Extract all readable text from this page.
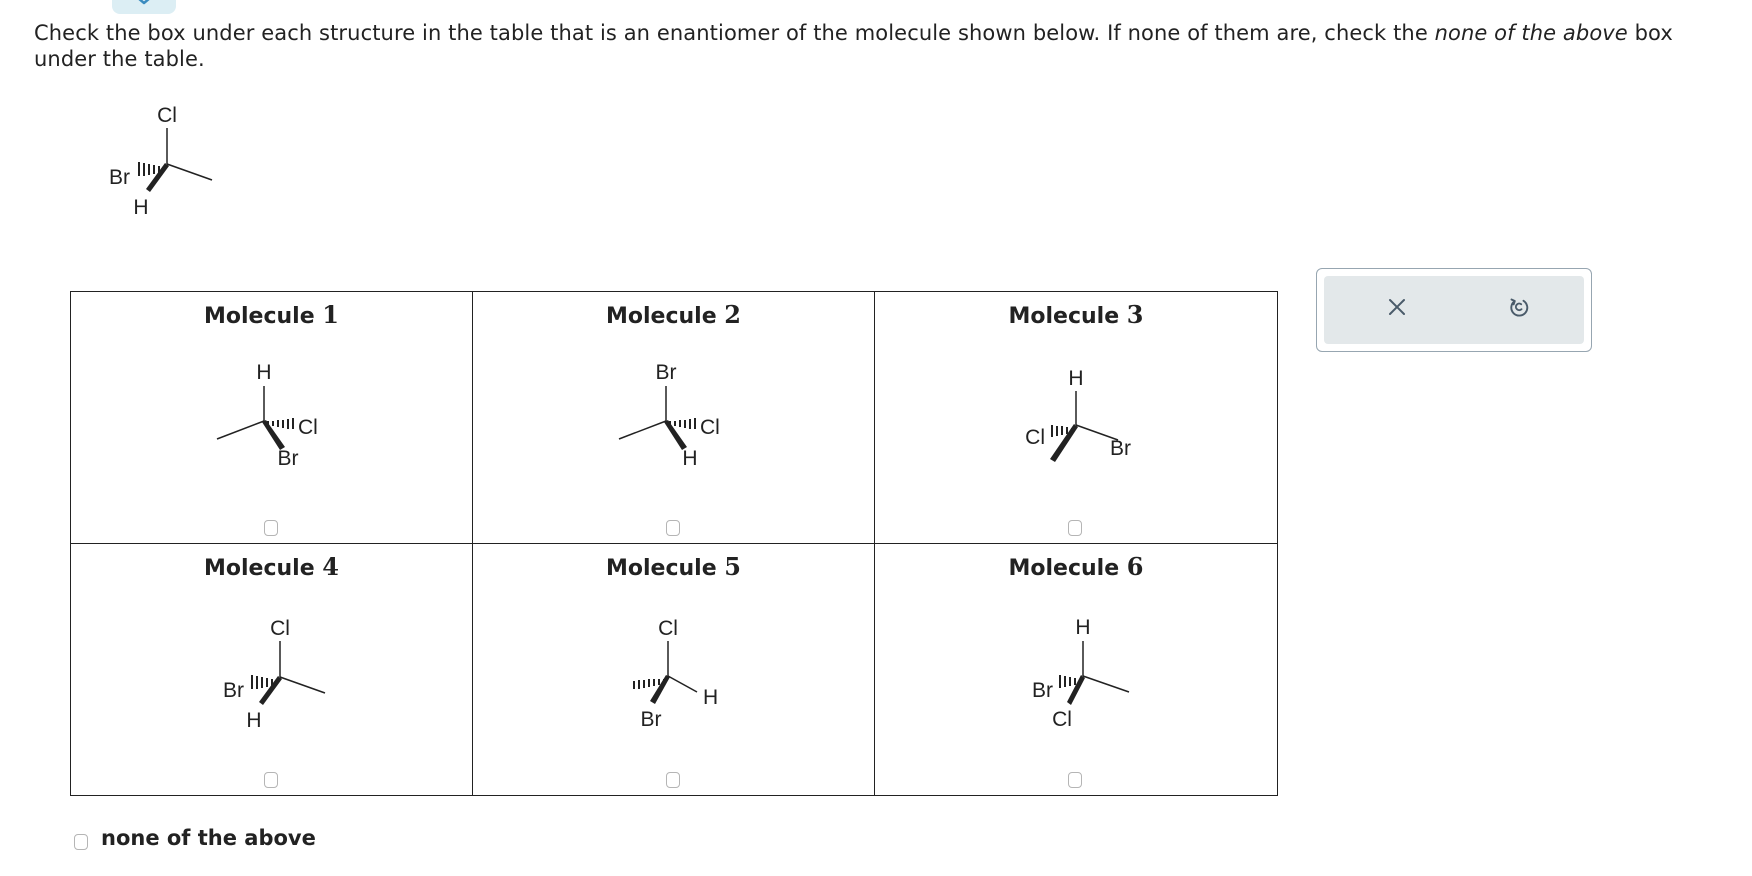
Check the box under each structure in the table that is an enantiomer of the molecule shown below. If none of them are, check the none of the above box under the table.
Cl
Br
H
Molecule 1
H
Cl
Br
Molecule 2
Br
Cl
H
Molecule 3
H
Cl	Br
Molecule 4
Cl
Br
H
Molecule 5
Cl
Br
H
Molecule 6
H
Br
Cl
none of the above
